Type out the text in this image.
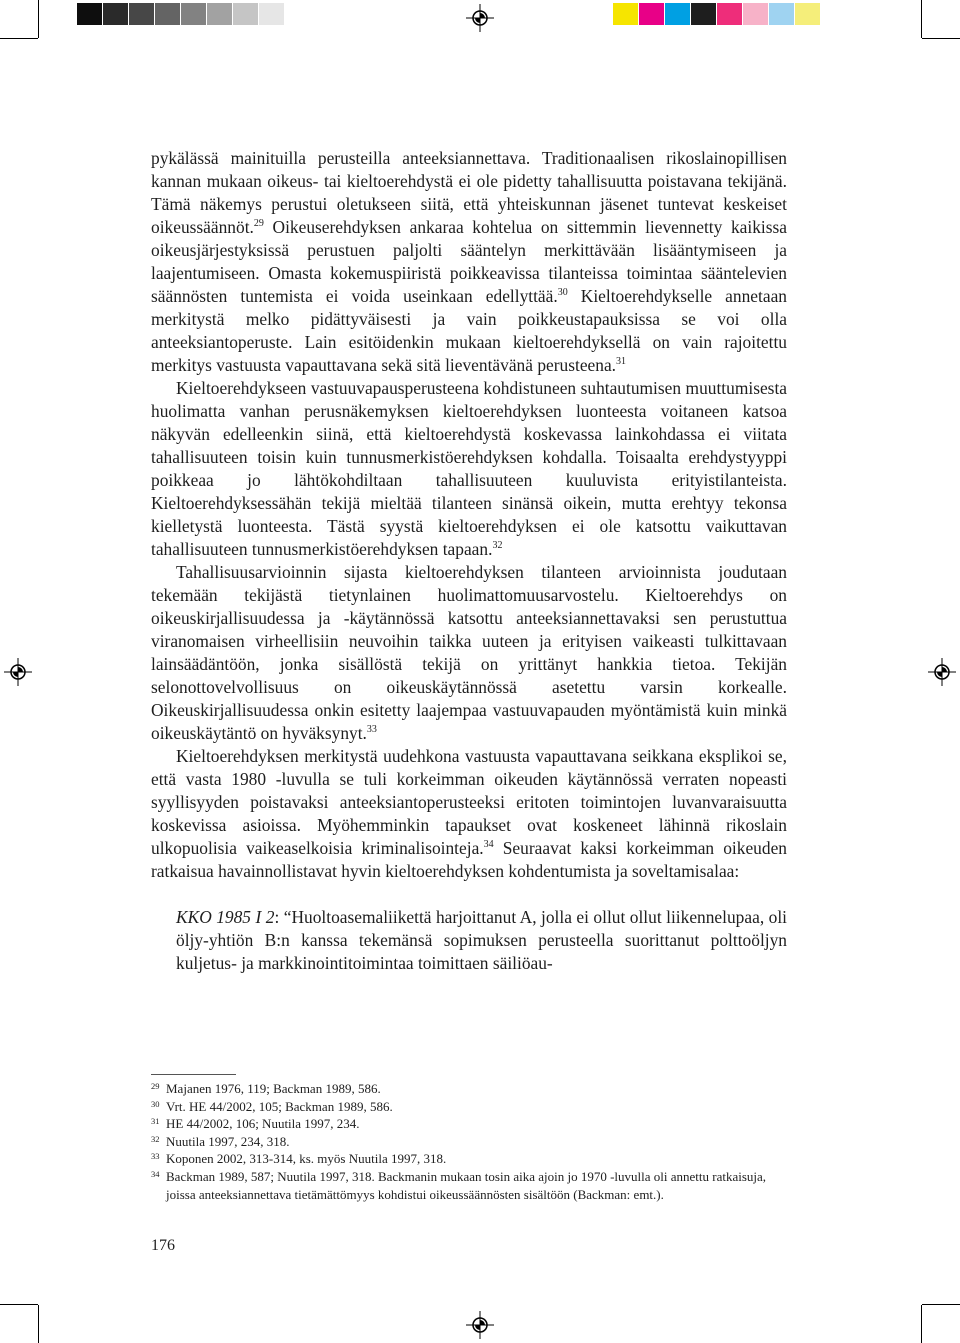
pykälässä mainituilla perusteilla anteeksiannettava. Traditionaalisen rikoslainopillisen kannan mukaan oikeus- tai kieltoerehdystä ei ole pidetty tahallisuutta poistavana tekijänä. Tämä näkemys perustui oletukseen siitä, että yhteiskunnan jäsenet tuntevat keskeiset oikeussäännöt.$^{29}$ Oikeuserehdyksen ankaraa kohtelua on sittemmin lievennetty kaikissa oikeusjärjestyksissä perustuen paljolti sääntelyn merkittävään lisääntymiseen ja laajentumiseen. Omasta kokemuspiiristä poikkeavissa tilanteissa toimintaa sääntelevien säännösten tuntemista ei voida useinkaan edellyttää.$^{30}$ Kieltoerehdykselle annetaan merkitystä melko pidättyväisesti ja vain poikkeustapauksissa se voi olla anteeksiantoperuste. Lain esitöidenkin mukaan kieltoerehdyksellä on vain rajoitettu merkitys vastuusta vapauttavana sekä sitä lieventävänä perusteena.$^{31}$

Kieltoerehdykseen vastuuvapausperusteena kohdistuneen suhtautumisen muuttumisesta huolimatta vanhan perusnäkemyksen kieltoerehdyksen luonteesta voitaneen katsoa näkyvän edelleenkin siinä, että kieltoerehdystä koskevassa lainkohdassa ei viitata tahallisuuteen toisin kuin tunnusmerkistöerehdyksen kohdalla. Toisaalta erehdystyyppi poikkeaa jo lähtökohdiltaan tahallisuuteen kuuluvista erityistilanteista. Kieltoerehdyksessähän tekijä mieltää tilanteen sinänsä oikein, mutta erehtyy tekonsa kielletystä luonteesta. Tästä syystä kieltoerehdyksen ei ole katsottu vaikuttavan tahallisuuteen tunnusmerkistöerehdyksen tapaan.$^{32}$

Tahallisuusarvioinnin sijasta kieltoerehdyksen tilanteen arvioinnista joudutaan tekemään tekijästä tietynlainen huolimattomuusarvostelu. Kieltoerehdys on oikeuskirjallisuudessa ja -käytännössä katsottu anteeksiannettavaksi sen perustuttua viranomaisen virheellisiin neuvoihin taikka uuteen ja erityisen vaikeasti tulkittavaan lainsäädäntöön, jonka sisällöstä tekijä on yrittänyt hankkia tietoa. Tekijän selonottovelvollisuus on oikeuskäytännössä asetettu varsin korkealle. Oikeuskirjallisuudessa onkin esitetty laajempaa vastuuvapauden myöntämistä kuin minkä oikeuskäytäntö on hyväksynyt.$^{33}$

Kieltoerehdyksen merkitystä uudehkona vastuusta vapauttavana seikkana eksplikoi se, että vasta 1980 -luvulla se tuli korkeimman oikeuden käytännössä verraten nopeasti syyllisyyden poistavaksi anteeksiantoperusteeksi eritoten toimintojen luvanvaraisuutta koskevissa asioissa. Myöhemminkin tapaukset ovat koskeneet lähinnä rikoslain ulkopuolisia vaikeaselkoisia kriminalisointeja.$^{34}$ Seuraavat kaksi korkeimman oikeuden ratkaisua havainnollistavat hyvin kieltoerehdyksen kohdentumista ja soveltamisalaa:

KKO 1985 I 2: “Huoltoasemaliikettä harjoittanut A, jolla ei ollut ollut liikennelupaa, oli öljy-yhtiön B:n kanssa tekemänsä sopimuksen perusteella suorittanut polttoöljyn kuljetus- ja markkinointitoimintaa toimittaen säiliöau-

29 Majanen 1976, 119; Backman 1989, 586.
30 Vrt. HE 44/2002, 105; Backman 1989, 586.
31 HE 44/2002, 106; Nuutila 1997, 234.
32 Nuutila 1997, 234, 318.
33 Koponen 2002, 313-314, ks. myös Nuutila 1997, 318.
34 Backman 1989, 587; Nuutila 1997, 318. Backmanin mukaan tosin aika ajoin jo 1970 -luvulla oli annettu ratkaisuja, joissa anteeksiannettava tietämättömyys kohdistui oikeussäännösten sisältöön (Backman: emt.).
176
